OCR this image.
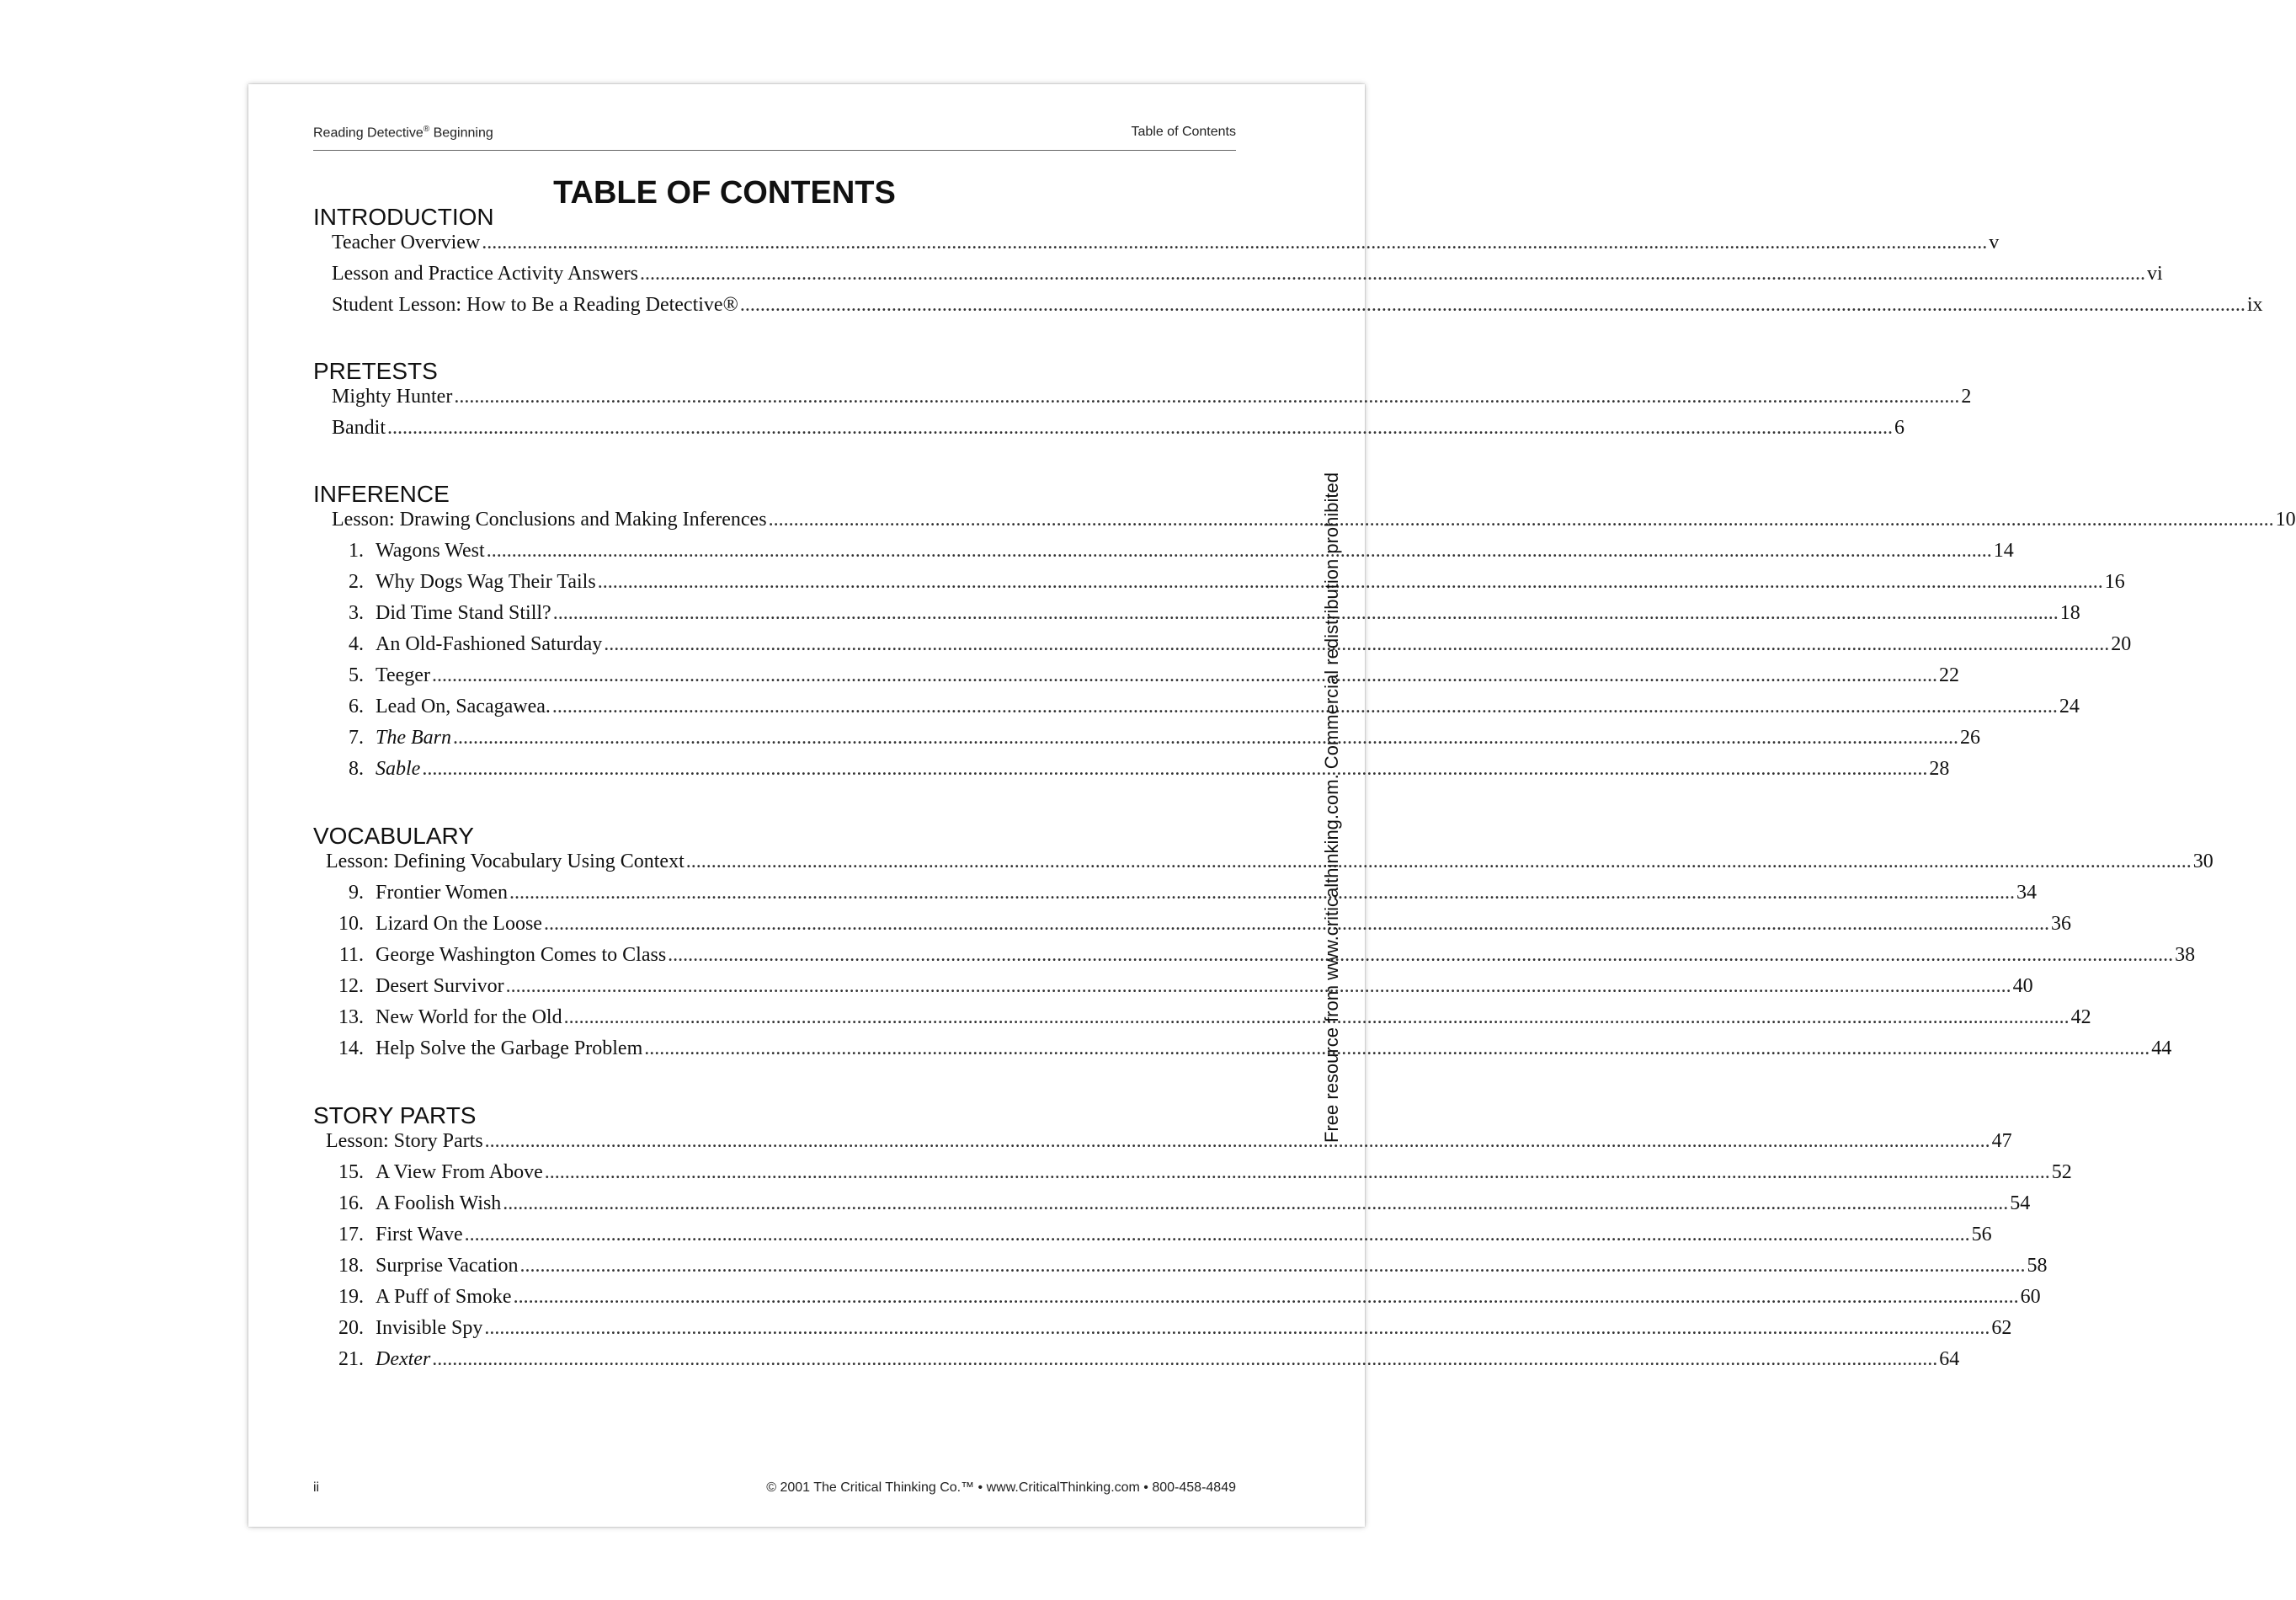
Reading Detective® Beginning	Table of Contents
TABLE OF CONTENTS
INTRODUCTION
Teacher Overview .......................................................................................................................................................................................................................................................................................................... v
Lesson and Practice Activity Answers .......................................................................................................................................................................................................................................................................................................... vi
Student Lesson: How to Be a Reading Detective® .......................................................................................................................................................................................................................................................................................................... ix
PRETESTS
Mighty Hunter .......................................................................................................................................................................................................................................................................................................... 2
Bandit .......................................................................................................................................................................................................................................................................................................... 6
INFERENCE
Lesson: Drawing Conclusions and Making Inferences .......................................................................................................................................................................................................................................................................................................... 10
1. Wagons West .......................................................................................................................................................................................................................................................................................................... 14
2. Why Dogs Wag Their Tails .......................................................................................................................................................................................................................................................................................................... 16
3. Did Time Stand Still? .......................................................................................................................................................................................................................................................................................................... 18
4. An Old-Fashioned Saturday .......................................................................................................................................................................................................................................................................................................... 20
5. Teeger .......................................................................................................................................................................................................................................................................................................... 22
6. Lead On, Sacagawea. .......................................................................................................................................................................................................................................................................................................... 24
7. The Barn .......................................................................................................................................................................................................................................................................................................... 26
8. Sable .......................................................................................................................................................................................................................................................................................................... 28
VOCABULARY
Lesson: Defining Vocabulary Using Context .......................................................................................................................................................................................................................................................................................................... 30
9. Frontier Women .......................................................................................................................................................................................................................................................................................................... 34
10. Lizard On the Loose .......................................................................................................................................................................................................................................................................................................... 36
11. George Washington Comes to Class .......................................................................................................................................................................................................................................................................................................... 38
12. Desert Survivor .......................................................................................................................................................................................................................................................................................................... 40
13. New World for the Old .......................................................................................................................................................................................................................................................................................................... 42
14. Help Solve the Garbage Problem .......................................................................................................................................................................................................................................................................................................... 44
STORY PARTS
Lesson: Story Parts .......................................................................................................................................................................................................................................................................................................... 47
15. A View From Above .......................................................................................................................................................................................................................................................................................................... 52
16. A Foolish Wish .......................................................................................................................................................................................................................................................................................................... 54
17. First Wave .......................................................................................................................................................................................................................................................................................................... 56
18. Surprise Vacation .......................................................................................................................................................................................................................................................................................................... 58
19. A Puff of Smoke .......................................................................................................................................................................................................................................................................................................... 60
20. Invisible Spy .......................................................................................................................................................................................................................................................................................................... 62
21. Dexter .......................................................................................................................................................................................................................................................................................................... 64
ii	© 2001 The Critical Thinking Co.™ • www.CriticalThinking.com • 800-458-4849
Free resource from www.criticalthinking.com. Commercial redistribution prohibited
